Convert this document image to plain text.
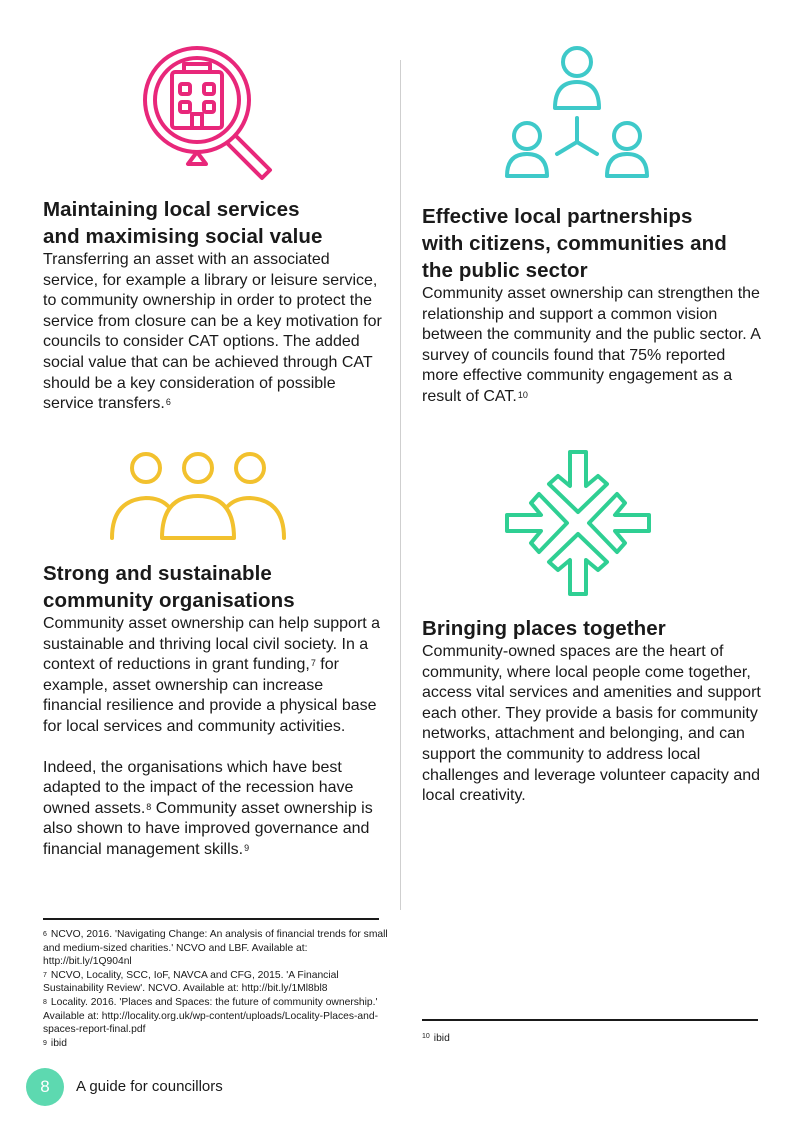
Maintaining local services
and maximising social value

Transferring an asset with an associated service, for example a library or leisure service, to community ownership in order to protect the service from closure can be a key motivation for councils to consider CAT options. The added social value that can be achieved through CAT should be a key consideration of possible service transfers.$^6$

Effective local partnerships
with citizens, communities and
the public sector

Community asset ownership can strengthen the relationship and support a common vision between the community and the public sector. A survey of councils found that 75% reported more effective community engagement as a result of CAT.$^{10}$

Strong and sustainable
community organisations

Community asset ownership can help support a sustainable and thriving local civil society. In a context of reductions in grant funding,$^7$ for example, asset ownership can increase financial resilience and provide a physical base for local services and community activities.

Indeed, the organisations which have best adapted to the impact of the recession have owned assets.$^8$ Community asset ownership is also shown to have improved governance and financial management skills.$^9$

Bringing places together

Community-owned spaces are the heart of community, where local people come together, access vital services and amenities and support each other. They provide a basis for community networks, attachment and belonging, and can support the community to address local challenges and leverage volunteer capacity and local creativity.

$^6$ NCVO, 2016. 'Navigating Change: An analysis of financial trends for small and medium-sized charities.' NCVO and LBF. Available at: http://bit.ly/1Q904nl
$^7$ NCVO, Locality, SCC, IoF, NAVCA and CFG, 2015. 'A Financial Sustainability Review'. NCVO. Available at: http://bit.ly/1Ml8bl8
$^8$ Locality. 2016. 'Places and Spaces: the future of community ownership.' Available at: http://locality.org.uk/wp-content/uploads/Locality-Places-and-spaces-report-final.pdf
$^9$ ibid
$^{10}$ ibid
8	A guide for councillors
